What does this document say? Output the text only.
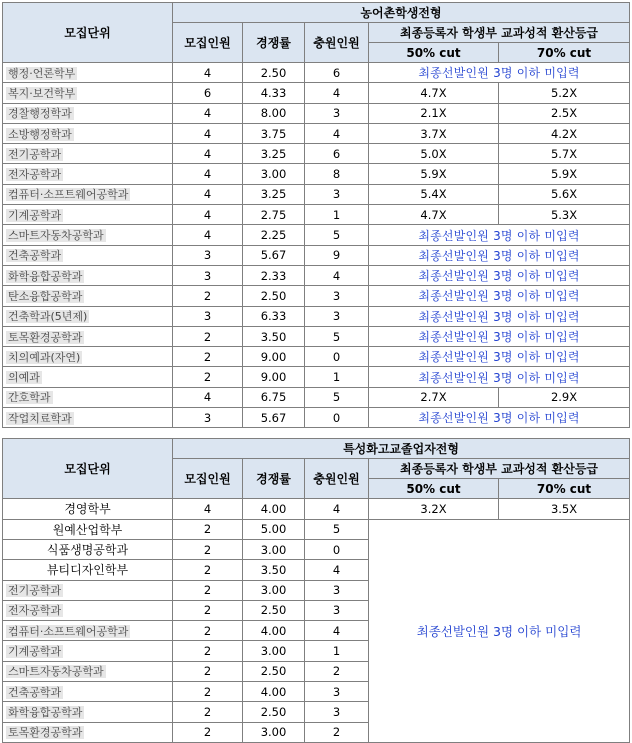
모집단위	농어촌학생전형				
	모집인원	경쟁률	충원인원	최종등록자 학생부 교과성적 환산등급	
				50% cut	70% cut
행정·언론학부	4	2.50	6	최종선발인원 3명 이하 미입력	
복지·보건학부	6	4.33	4	4.7X	5.2X
경찰행정학과	4	8.00	3	2.1X	2.5X
소방행정학과	4	3.75	4	3.7X	4.2X
전기공학과	4	3.25	6	5.0X	5.7X
전자공학과	4	3.00	8	5.9X	5.9X
컴퓨터·소프트웨어공학과	4	3.25	3	5.4X	5.6X
기계공학과	4	2.75	1	4.7X	5.3X
스마트자동차공학과	4	2.25	5	최종선발인원 3명 이하 미입력	
건축공학과	3	5.67	9	최종선발인원 3명 이하 미입력	
화학융합공학과	3	2.33	4	최종선발인원 3명 이하 미입력	
탄소융합공학과	2	2.50	3	최종선발인원 3명 이하 미입력	
건축학과(5년제)	3	6.33	3	최종선발인원 3명 이하 미입력	
토목환경공학과	2	3.50	5	최종선발인원 3명 이하 미입력	
치의예과(자연)	2	9.00	0	최종선발인원 3명 이하 미입력	
의예과	2	9.00	1	최종선발인원 3명 이하 미입력	
간호학과	4	6.75	5	2.7X	2.9X
작업치료학과	3	5.67	0	최종선발인원 3명 이하 미입력	
모집단위	특성화고교졸업자전형				
	모집인원	경쟁률	충원인원	최종등록자 학생부 교과성적 환산등급	
				50% cut	70% cut
경영학부	4	4.00	4	3.2X	3.5X
원예산업학부	2	5.00	5	최종선발인원 3명 이하 미입력	
식품생명공학과	2	3.00	0		
뷰티디자인학부	2	3.50	4		
전기공학과	2	3.00	3		
전자공학과	2	2.50	3		
컴퓨터·소프트웨어공학과	2	4.00	4		
기계공학과	2	3.00	1		
스마트자동차공학과	2	2.50	2		
건축공학과	2	4.00	3		
화학융합공학과	2	2.50	3		
토목환경공학과	2	3.00	2		
